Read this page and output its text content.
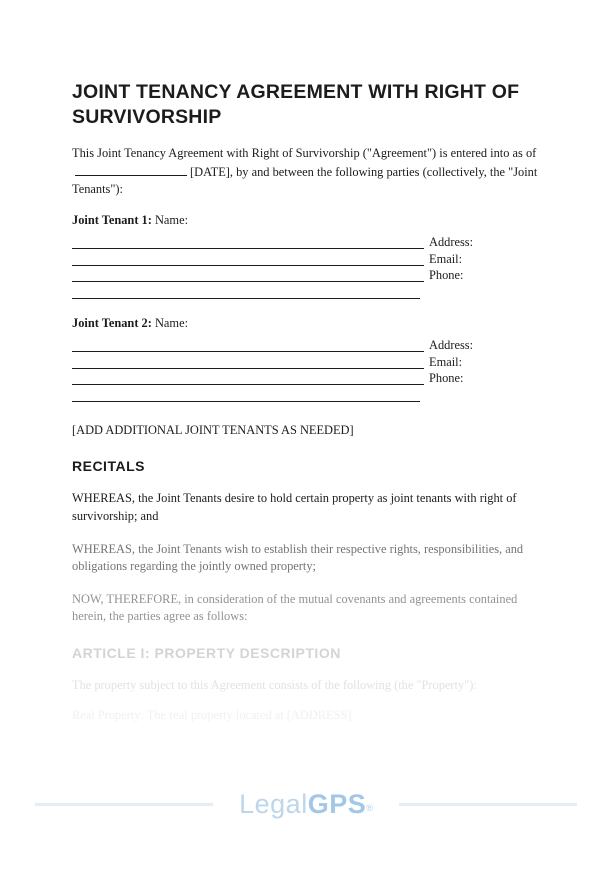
JOINT TENANCY AGREEMENT WITH RIGHT OF SURVIVORSHIP

This Joint Tenancy Agreement with Right of Survivorship ("Agreement") is entered into as of[DATE], by and between the following parties (collectively, the "Joint Tenants"):

Joint Tenant 1: Name:

Address:
Email:
Phone:

Joint Tenant 2: Name:

Address:
Email:
Phone:

[ADD ADDITIONAL JOINT TENANTS AS NEEDED]

RECITALS

WHEREAS, the Joint Tenants desire to hold certain property as joint tenants with right of survivorship; and

WHEREAS, the Joint Tenants wish to establish their respective rights, responsibilities, and obligations regarding the jointly owned property;

NOW, THEREFORE, in consideration of the mutual covenants and agreements contained herein, the parties agree as follows:

ARTICLE I: PROPERTY DESCRIPTION

The property subject to this Agreement consists of the following (the "Property"):

Real Property: The real property located at [ADDRESS]

LegalGPS®
